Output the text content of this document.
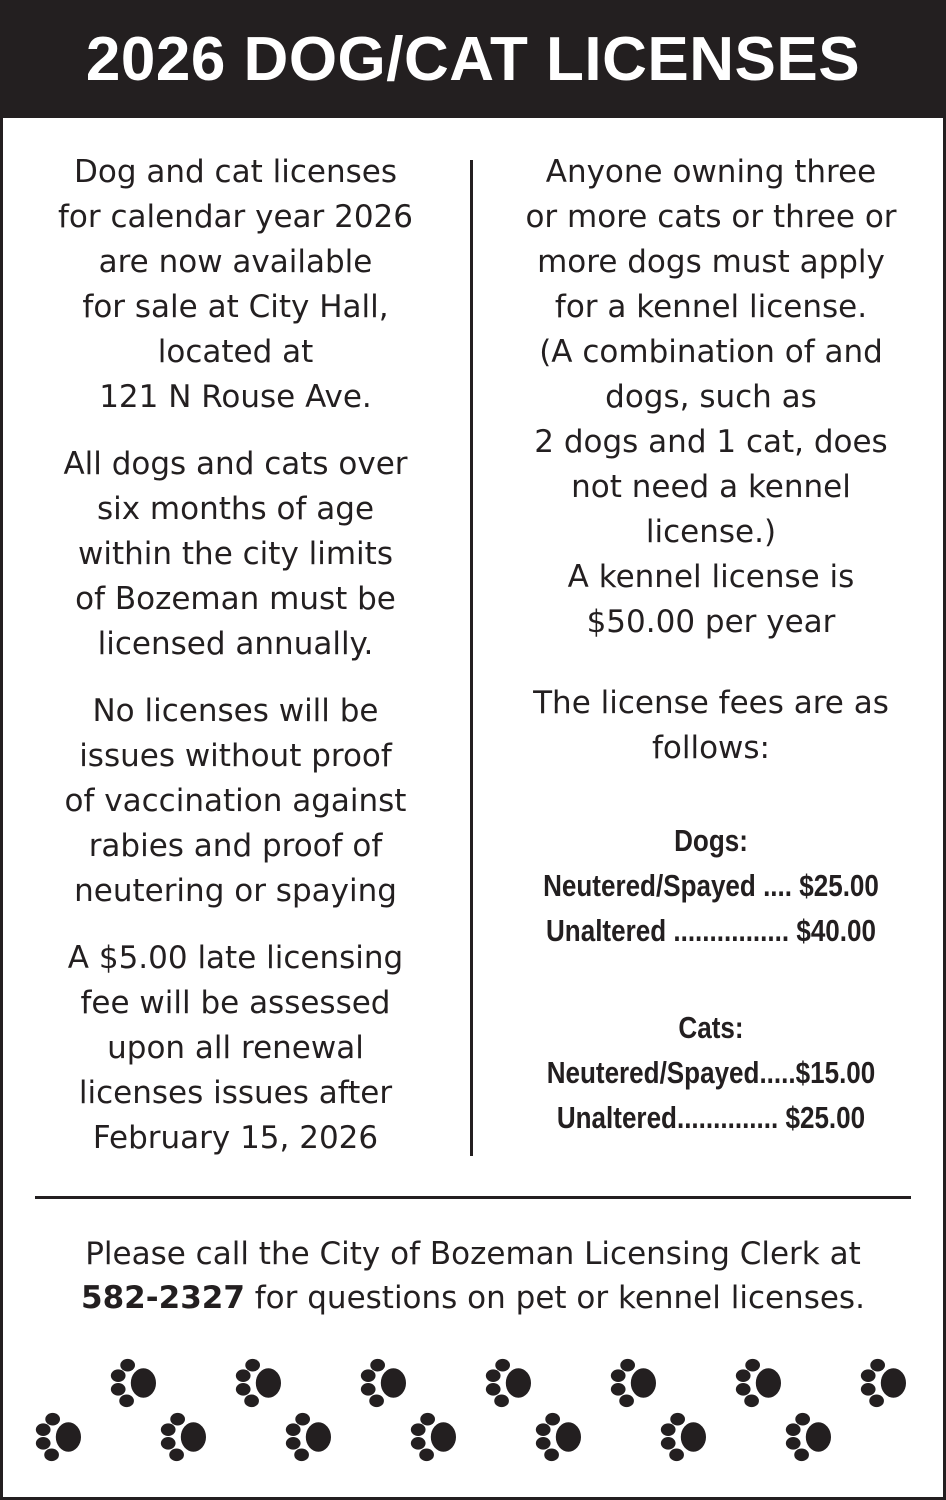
2026 DOG/CAT LICENSES

Dog and cat licenses
for calendar year 2026
are now available
for sale at City Hall,
located at
121 N Rouse Ave.

All dogs and cats over
six months of age
within the city limits
of Bozeman must be
licensed annually.

No licenses will be
issues without proof
of vaccination against
rabies and proof of
neutering or spaying

A $5.00 late licensing
fee will be assessed
upon all renewal
licenses issues after
February 15, 2026

Anyone owning three
or more cats or three or
more dogs must apply
for a kennel license.
(A combination of and
dogs, such as
2 dogs and 1 cat, does
not need a kennel
license.)
A kennel license is
$50.00 per year

The license fees are as
follows:

Dogs:
Neutered/Spayed .... $25.00
Unaltered ................ $40.00
Cats:
Neutered/Spayed ..... $15.00
Unaltered .............. $25.00
Please call the City of Bozeman Licensing Clerk at
582-2327 for questions on pet or kennel licenses.
